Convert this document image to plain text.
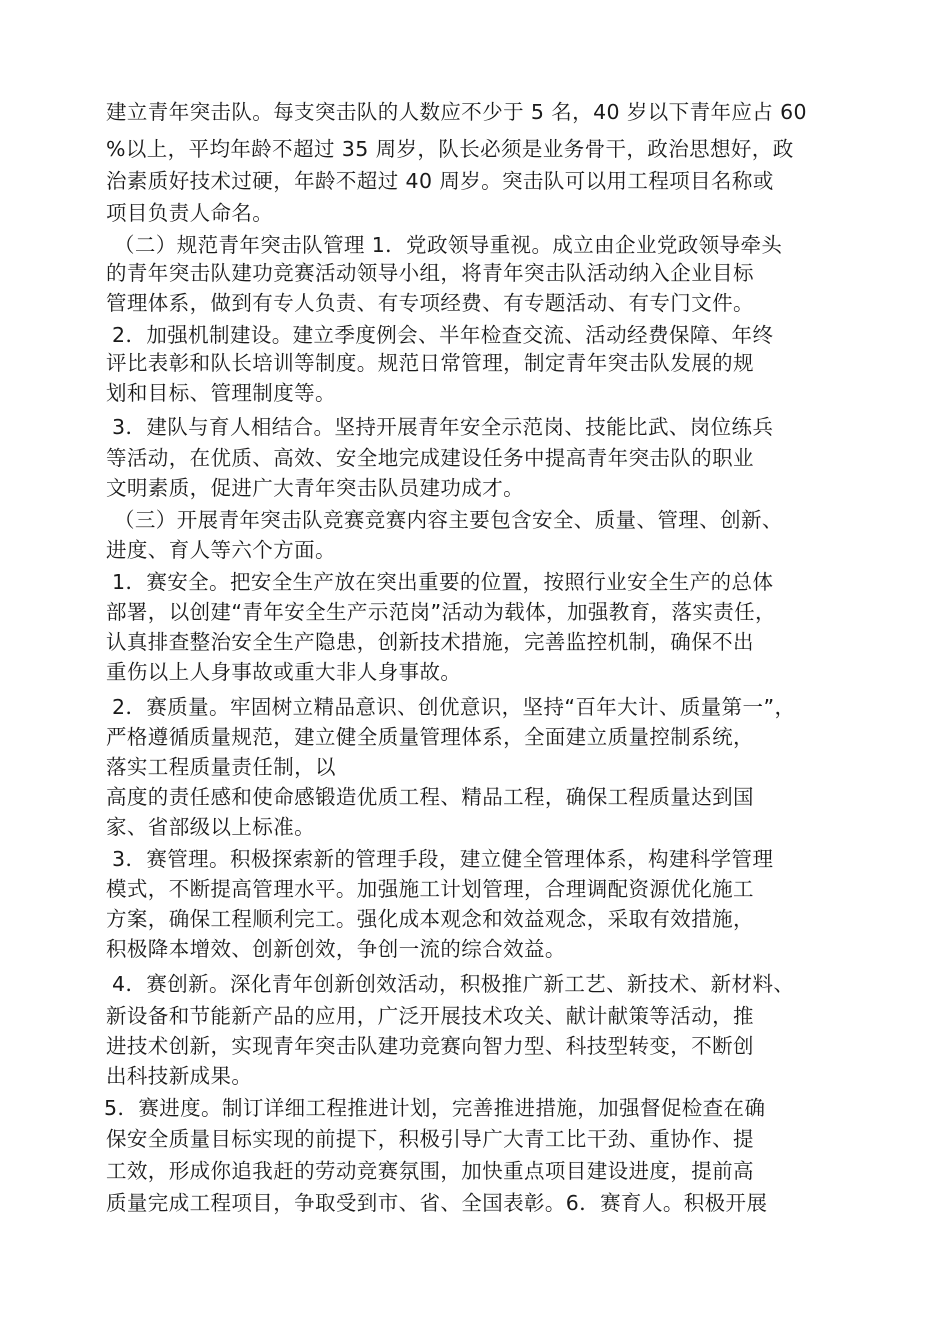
建立青年突击队。每支突击队的人数应不少于 5 名，40 岁以下青年应占 60
%以上，平均年龄不超过 35 周岁，队长必须是业务骨干，政治思想好，政
治素质好技术过硬，年龄不超过 40 周岁。突击队可以用工程项目名称或
项目负责人命名。
（二）规范青年突击队管理 1．党政领导重视。成立由企业党政领导牵头
的青年突击队建功竞赛活动领导小组，将青年突击队活动纳入企业目标
管理体系，做到有专人负责、有专项经费、有专题活动、有专门文件。
2．加强机制建设。建立季度例会、半年检查交流、活动经费保障、年终
评比表彰和队长培训等制度。规范日常管理，制定青年突击队发展的规
划和目标、管理制度等。
3．建队与育人相结合。坚持开展青年安全示范岗、技能比武、岗位练兵
等活动，在优质、高效、安全地完成建设任务中提高青年突击队的职业
文明素质，促进广大青年突击队员建功成才。
（三）开展青年突击队竞赛竞赛内容主要包含安全、质量、管理、创新、
进度、育人等六个方面。
1．赛安全。把安全生产放在突出重要的位置，按照行业安全生产的总体
部署，以创建“青年安全生产示范岗”活动为载体，加强教育，落实责任，
认真排查整治安全生产隐患，创新技术措施，完善监控机制，确保不出
重伤以上人身事故或重大非人身事故。
2．赛质量。牢固树立精品意识、创优意识，坚持“百年大计、质量第一”，
严格遵循质量规范，建立健全质量管理体系，全面建立质量控制系统，
落实工程质量责任制，以
高度的责任感和使命感锻造优质工程、精品工程，确保工程质量达到国
家、省部级以上标准。
3．赛管理。积极探索新的管理手段，建立健全管理体系，构建科学管理
模式，不断提高管理水平。加强施工计划管理，合理调配资源优化施工
方案，确保工程顺利完工。强化成本观念和效益观念，采取有效措施，
积极降本增效、创新创效，争创一流的综合效益。
4．赛创新。深化青年创新创效活动，积极推广新工艺、新技术、新材料、
新设备和节能新产品的应用，广泛开展技术攻关、献计献策等活动，推
进技术创新，实现青年突击队建功竞赛向智力型、科技型转变，不断创
出科技新成果。
5．赛进度。制订详细工程推进计划，完善推进措施，加强督促检查在确
保安全质量目标实现的前提下，积极引导广大青工比干劲、重协作、提
工效，形成你追我赶的劳动竞赛氛围，加快重点项目建设进度，提前高
质量完成工程项目，争取受到市、省、全国表彰。6．赛育人。积极开展
